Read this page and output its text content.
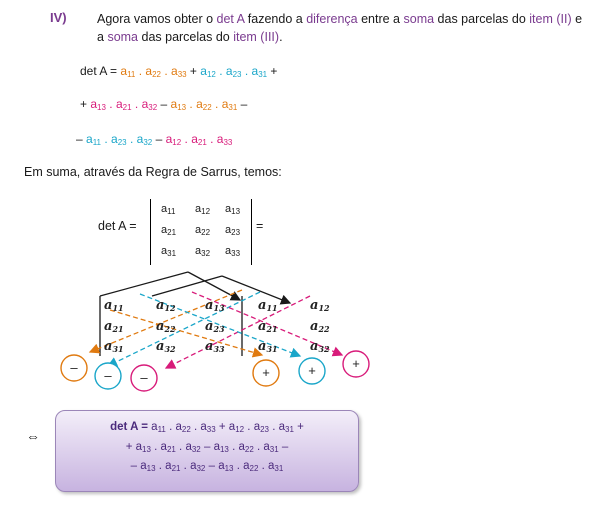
IV) Agora vamos obter o det A fazendo a diferença entre a soma das parcelas do item (II) e a soma das parcelas do item (III).
$\det A = a_{11}$ . $a_{22}$ . $a_{33} + a_{12}$ . $a_{23}$ . $a_{31}$ +
+ $a_{13}$ . $a_{21}$ . $a_{32} - a_{13}$ . $a_{22}$ . $a_{31}$ –
– $a_{11}$ . $a_{23}$ . $a_{32} - a_{12}$ . $a_{21}$ . $a_{33}$
Em suma, através da Regra de Sarrus, temos:
det A =
$a_{11}$ $a_{12}$ $a_{13}$
$a_{21}$ $a_{22}$ $a_{23}$
$a_{31}$ $a_{32}$ $a_{33}$
=
–
– –	+	+	+
$a_{11}$ $a_{12}$ $a_{13}$	$a_{11}$ $a_{12}$
$a_{21}$ $a_{22}$ $a_{23}$	$a_{21}$ $a_{22}$
$a_{31}$ $a_{32}$ $a_{33}$	$a_{31}$ $a_{32}$
⇔
$\det A = a_{11}$ . $a_{22}$ . $a_{33} + a_{12}$ . $a_{23}$ . $a_{31}$ +
+ $a_{13}$ . $a_{21}$ . $a_{32} - a_{13}$ . $a_{22}$ . $a_{31}$ –
– $a_{13}$ . $a_{21}$ . $a_{32} - a_{13}$ . $a_{22}$ . $a_{31}$
